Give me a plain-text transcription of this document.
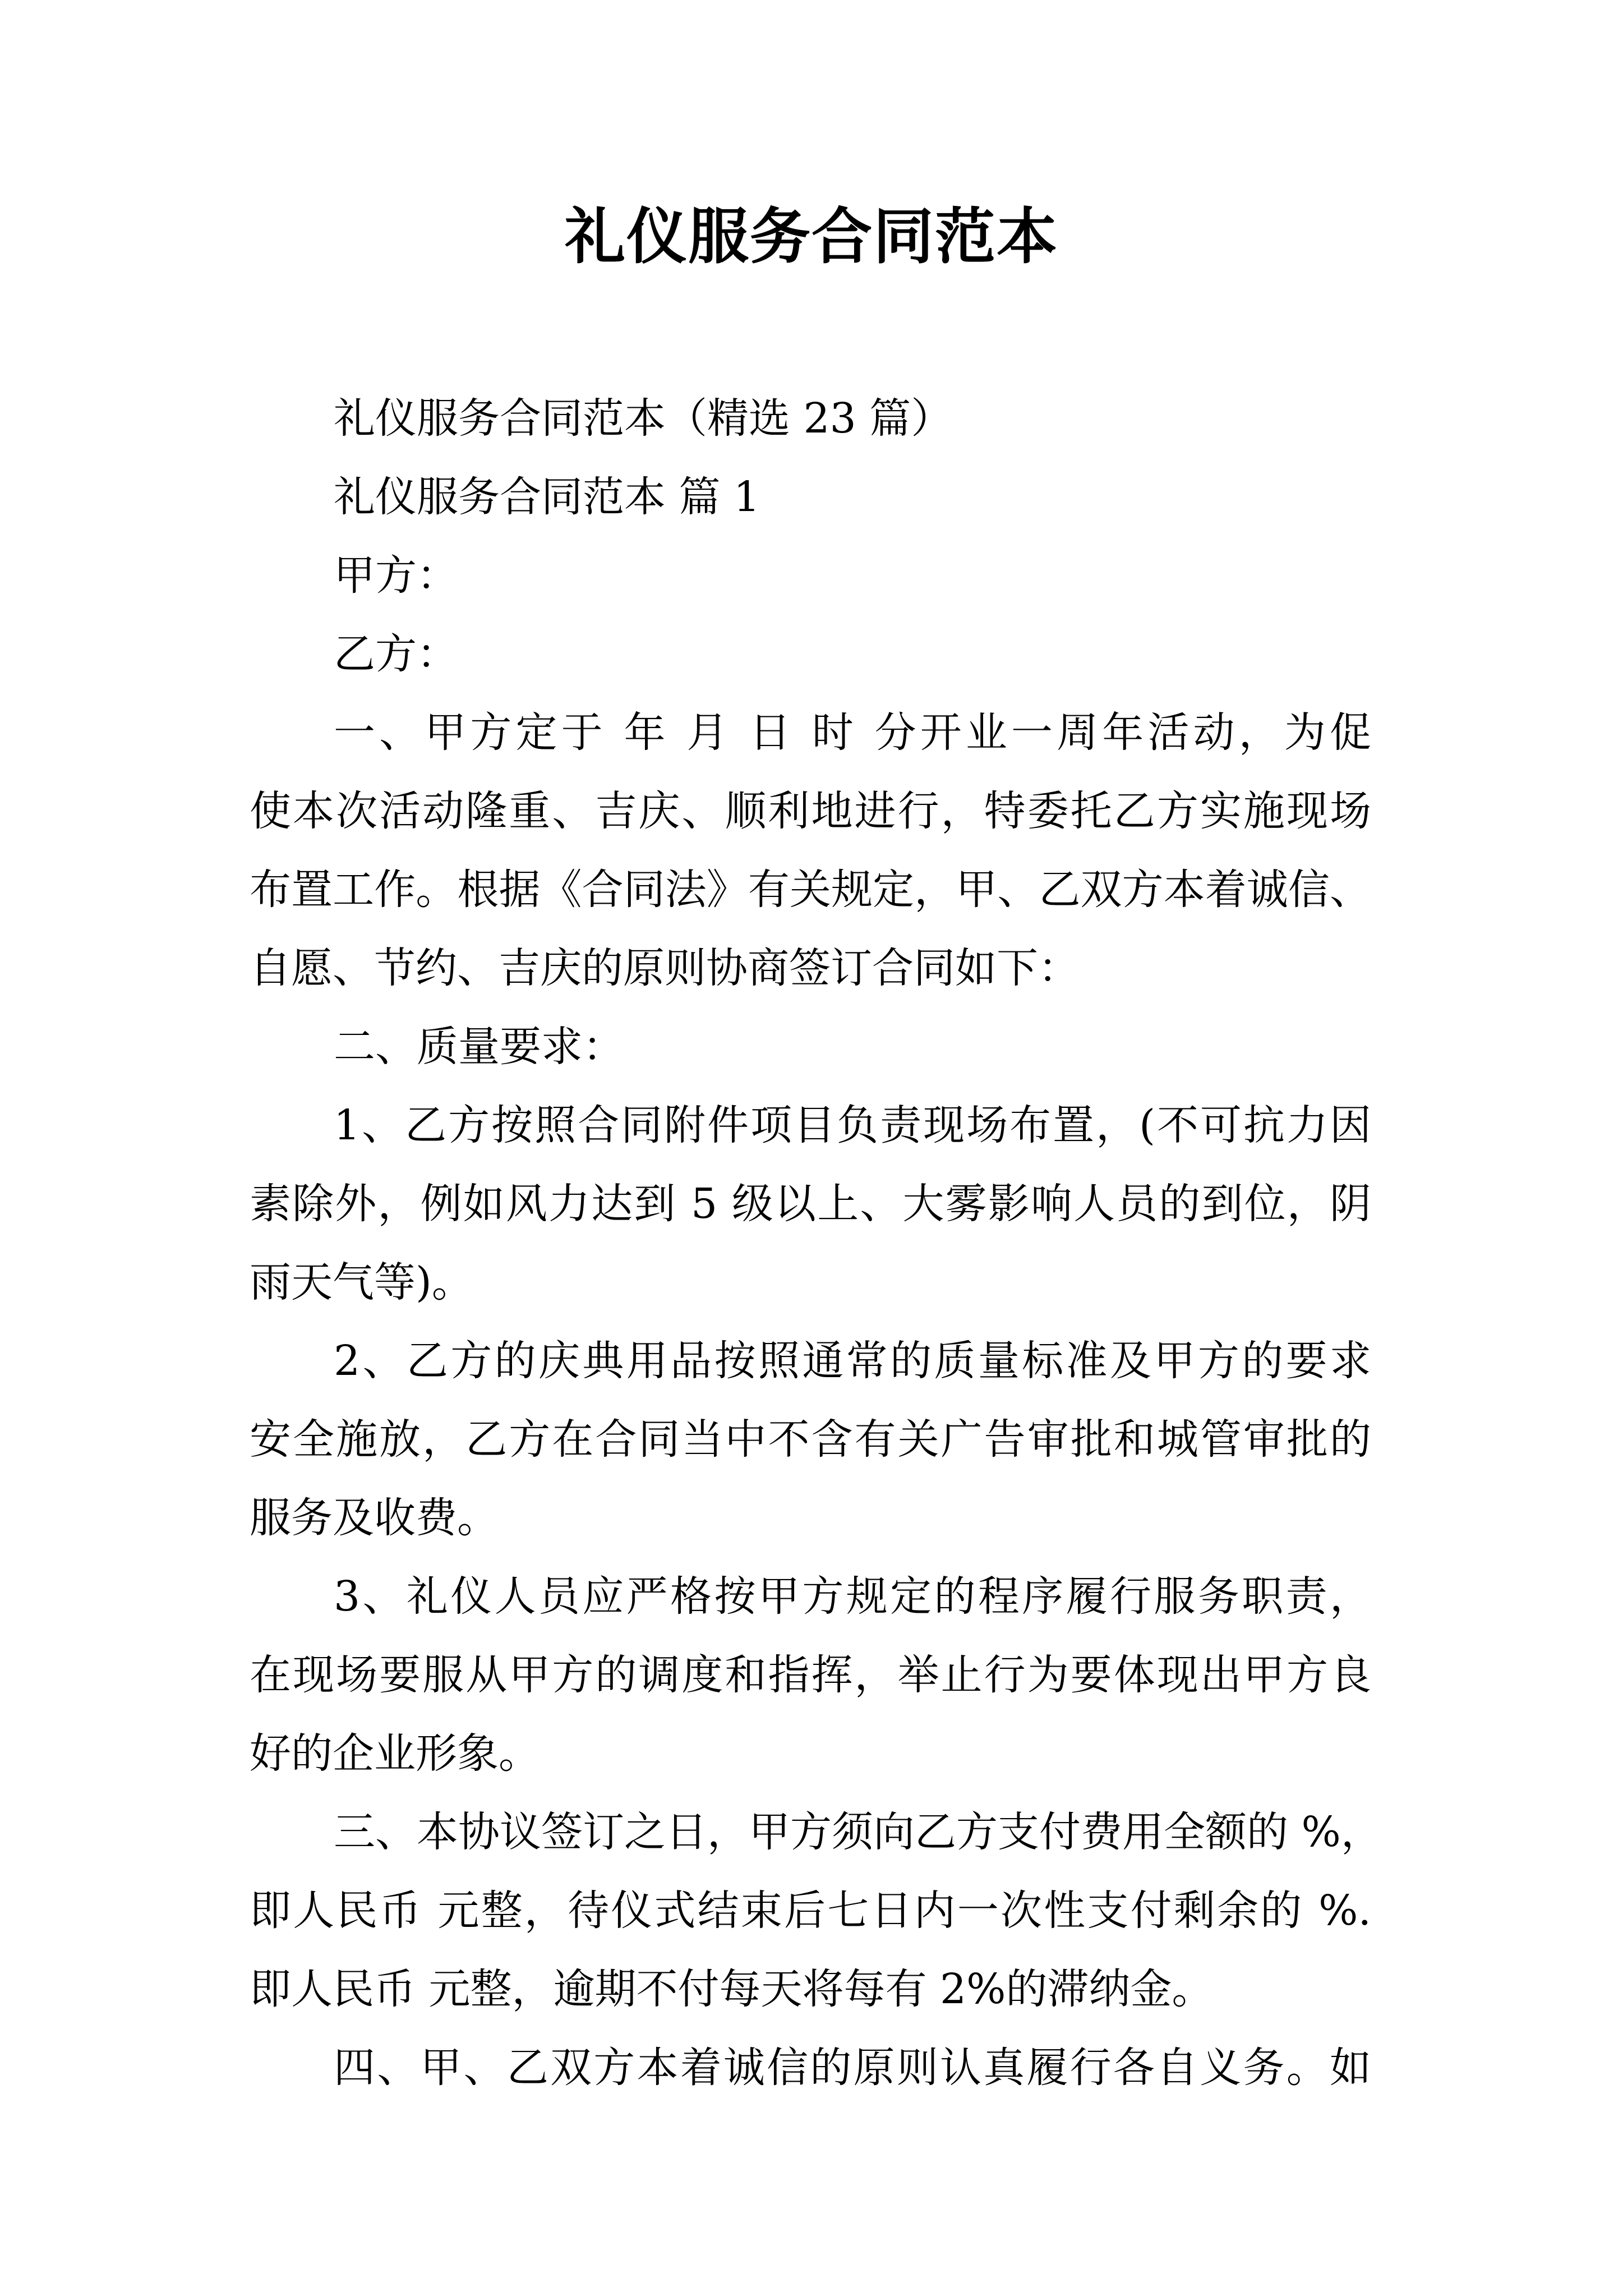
礼仪服务合同范本
礼仪服务合同范本（精选 23 篇）
礼仪服务合同范本 篇 1
甲方：
乙方：
一、甲方定于 年 月 日 时 分开业一周年活动，为促
使本次活动隆重、吉庆、顺利地进行，特委托乙方实施现场
布置工作。根据《合同法》有关规定，甲、乙双方本着诚信、
自愿、节约、吉庆的原则协商签订合同如下：
二、质量要求：
1、乙方按照合同附件项目负责现场布置，(不可抗力因
素除外，例如风力达到 5 级以上、大雾影响人员的到位，阴
雨天气等)。
2、乙方的庆典用品按照通常的质量标准及甲方的要求
安全施放，乙方在合同当中不含有关广告审批和城管审批的
服务及收费。
3、礼仪人员应严格按甲方规定的程序履行服务职责，
在现场要服从甲方的调度和指挥，举止行为要体现出甲方良
好的企业形象。
三、本协议签订之日，甲方须向乙方支付费用全额的 %，
即人民币 元整，待仪式结束后七日内一次性支付剩余的 %.
即人民币 元整，逾期不付每天将每有 2%的滞纳金。
四、甲、乙双方本着诚信的原则认真履行各自义务。如
